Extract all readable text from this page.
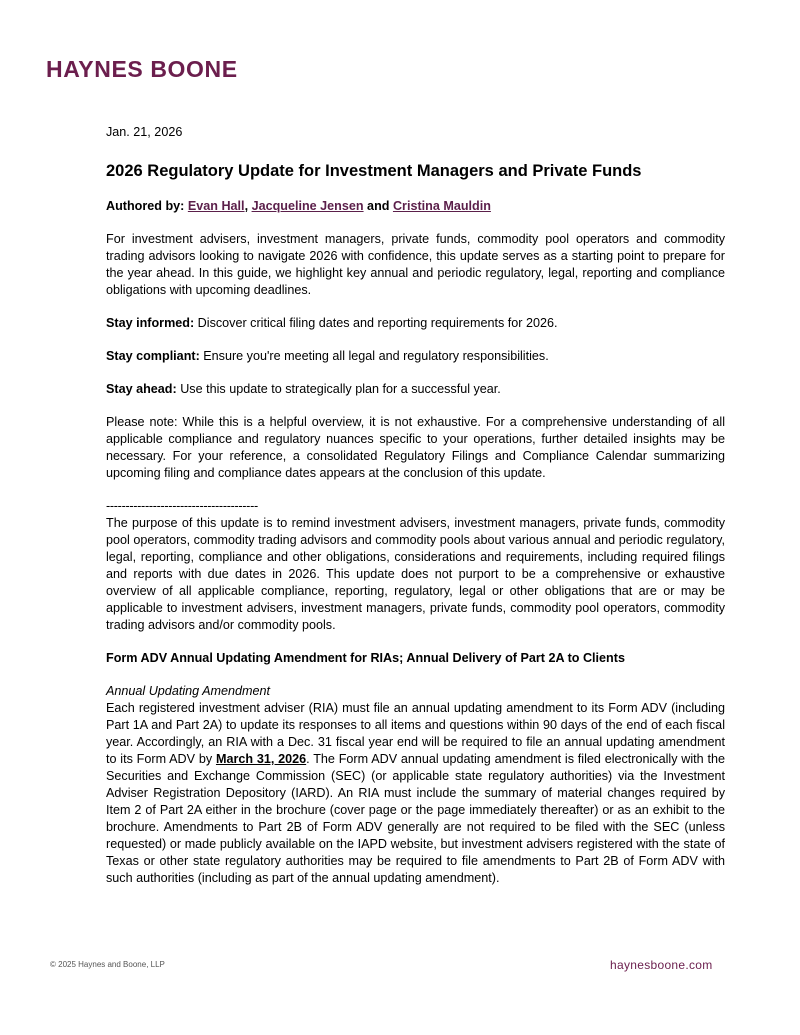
HAYNES BOONE

Jan. 21, 2026

2026 Regulatory Update for Investment Managers and Private Funds

Authored by: Evan Hall, Jacqueline Jensen and Cristina Mauldin

For investment advisers, investment managers, private funds, commodity pool operators and commodity trading advisors looking to navigate 2026 with confidence, this update serves as a starting point to prepare for the year ahead. In this guide, we highlight key annual and periodic regulatory, legal, reporting and compliance obligations with upcoming deadlines.

Stay informed: Discover critical filing dates and reporting requirements for 2026.

Stay compliant: Ensure you're meeting all legal and regulatory responsibilities.

Stay ahead: Use this update to strategically plan for a successful year.

Please note: While this is a helpful overview, it is not exhaustive. For a comprehensive understanding of all applicable compliance and regulatory nuances specific to your operations, further detailed insights may be necessary. For your reference, a consolidated Regulatory Filings and Compliance Calendar summarizing upcoming filing and compliance dates appears at the conclusion of this update.

---------------------------------------

The purpose of this update is to remind investment advisers, investment managers, private funds, commodity pool operators, commodity trading advisors and commodity pools about various annual and periodic regulatory, legal, reporting, compliance and other obligations, considerations and requirements, including required filings and reports with due dates in 2026. This update does not purport to be a comprehensive or exhaustive overview of all applicable compliance, reporting, regulatory, legal or other obligations that are or may be applicable to investment advisers, investment managers, private funds, commodity pool operators, commodity trading advisors and/or commodity pools.

Form ADV Annual Updating Amendment for RIAs; Annual Delivery of Part 2A to Clients

Annual Updating Amendment

Each registered investment adviser (RIA) must file an annual updating amendment to its Form ADV (including Part 1A and Part 2A) to update its responses to all items and questions within 90 days of the end of each fiscal year. Accordingly, an RIA with a Dec. 31 fiscal year end will be required to file an annual updating amendment to its Form ADV by March 31, 2026. The Form ADV annual updating amendment is filed electronically with the Securities and Exchange Commission (SEC) (or applicable state regulatory authorities) via the Investment Adviser Registration Depository (IARD). An RIA must include the summary of material changes required by Item 2 of Part 2A either in the brochure (cover page or the page immediately thereafter) or as an exhibit to the brochure. Amendments to Part 2B of Form ADV generally are not required to be filed with the SEC (unless requested) or made publicly available on the IAPD website, but investment advisers registered with the state of Texas or other state regulatory authorities may be required to file amendments to Part 2B of Form ADV with such authorities (including as part of the annual updating amendment).

© 2025 Haynes and Boone, LLP	haynesboone.com
